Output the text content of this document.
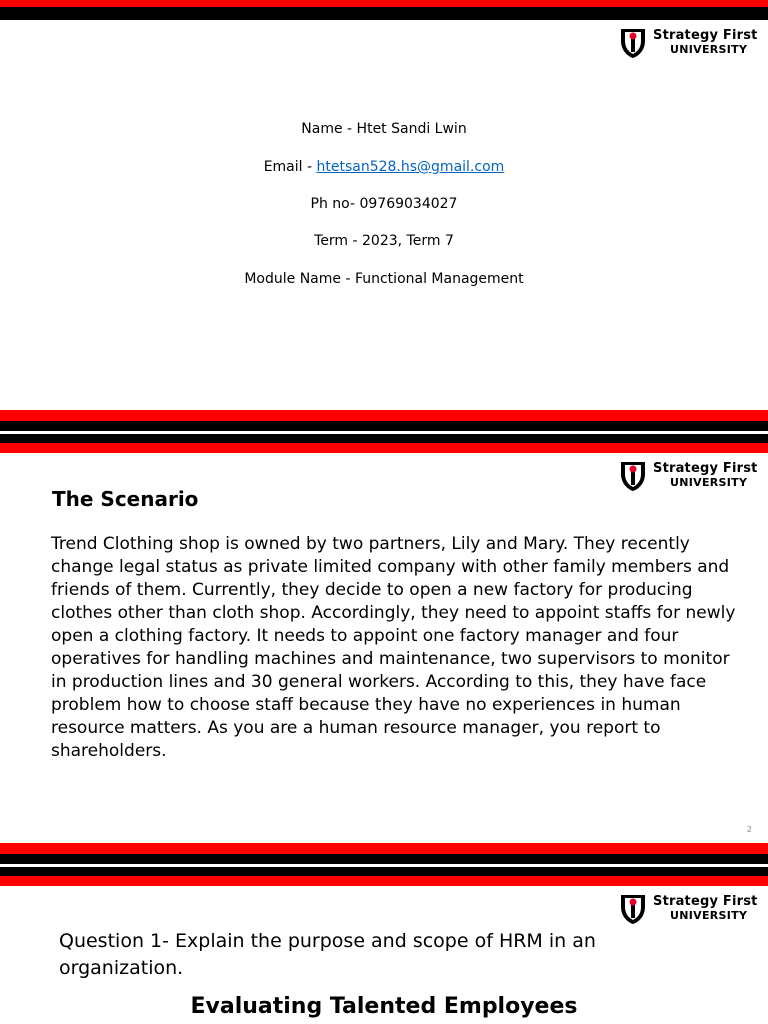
Strategy First
UNIVERSITY
Name - Htet Sandi Lwin
Email - htetsan528.hs@gmail.com
Ph no- 09769034027
Term - 2023, Term 7
Module Name - Functional Management
Strategy First
UNIVERSITY
The Scenario
Trend Clothing shop is owned by two partners, Lily and Mary. They recently change legal status as private limited company with other family members and friends of them. Currently, they decide to open a new factory for producing clothes other than cloth shop. Accordingly, they need to appoint staffs for newly open a clothing factory. It needs to appoint one factory manager and four operatives for handling machines and maintenance, two supervisors to monitor in production lines and 30 general workers. According to this, they have face problem how to choose staff because they have no experiences in human resource matters. As you are a human resource manager, you report to shareholders.
2
Strategy First
UNIVERSITY
Question 1- Explain the purpose and scope of HRM in an organization.
Evaluating Talented Employees
